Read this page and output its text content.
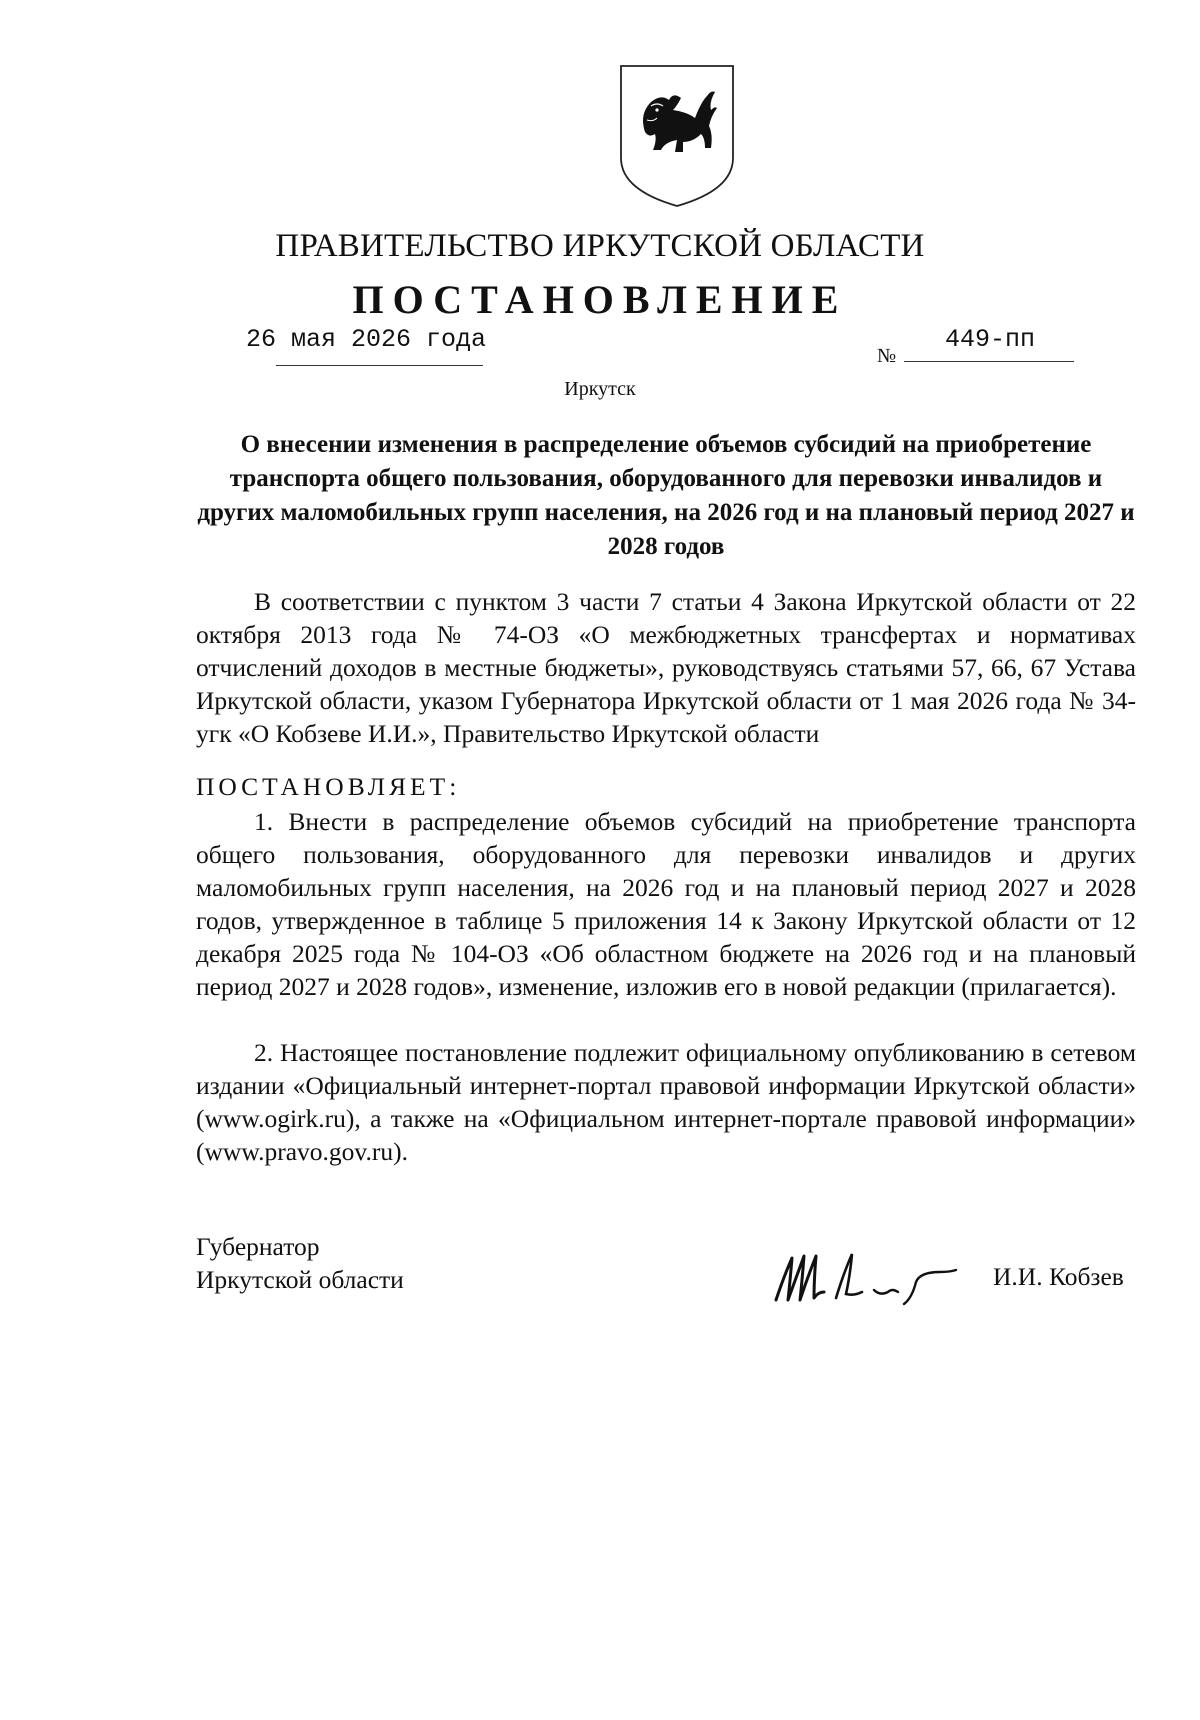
ПРАВИТЕЛЬСТВО ИРКУТСКОЙ ОБЛАСТИ
ПОСТАНОВЛЕНИЕ
26 мая 2026 года
№
449-пп
Иркутск
О внесении изменения в распределение объемов субсидий на приобретение транспорта общего пользования, оборудованного для перевозки инвалидов и других маломобильных групп населения, на 2026 год и на плановый период 2027 и 2028 годов
В соответствии с пунктом 3 части 7 статьи 4 Закона Иркутской области от 22 октября 2013 года № 74-ОЗ «О межбюджетных трансфертах и нормативах отчислений доходов в местные бюджеты», руководствуясь статьями 57, 66, 67 Устава Иркутской области, указом Губернатора Иркутской области от 1 мая 2026 года № 34-угк «О Кобзеве И.И.», Правительство Иркутской области
ПОСТАНОВЛЯЕТ:
1. Внести в распределение объемов субсидий на приобретение транспорта общего пользования, оборудованного для перевозки инвалидов и других маломобильных групп населения, на 2026 год и на плановый период 2027 и 2028 годов, утвержденное в таблице 5 приложения 14 к Закону Иркутской области от 12 декабря 2025 года № 104-ОЗ «Об областном бюджете на 2026 год и на плановый период 2027 и 2028 годов», изменение, изложив его в новой редакции (прилагается).
2. Настоящее постановление подлежит официальному опубликованию в сетевом издании «Официальный интернет-портал правовой информации Иркутской области» (www.ogirk.ru), а также на «Официальном интернет-портале правовой информации» (www.pravo.gov.ru).
Губернатор
Иркутской области	И.И. Кобзев
